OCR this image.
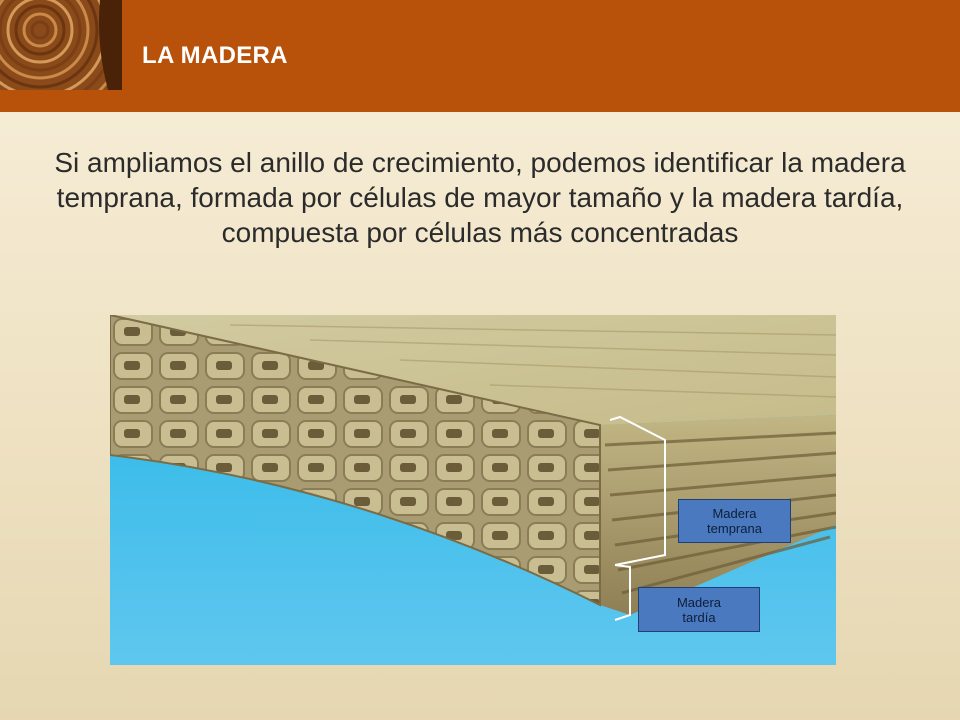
LA MADERA
Si ampliamos el anillo de crecimiento, podemos identificar la madera temprana, formada por células de mayor tamaño y la madera tardía, compuesta por células más concentradas
Madera
temprana
Madera
tardía
